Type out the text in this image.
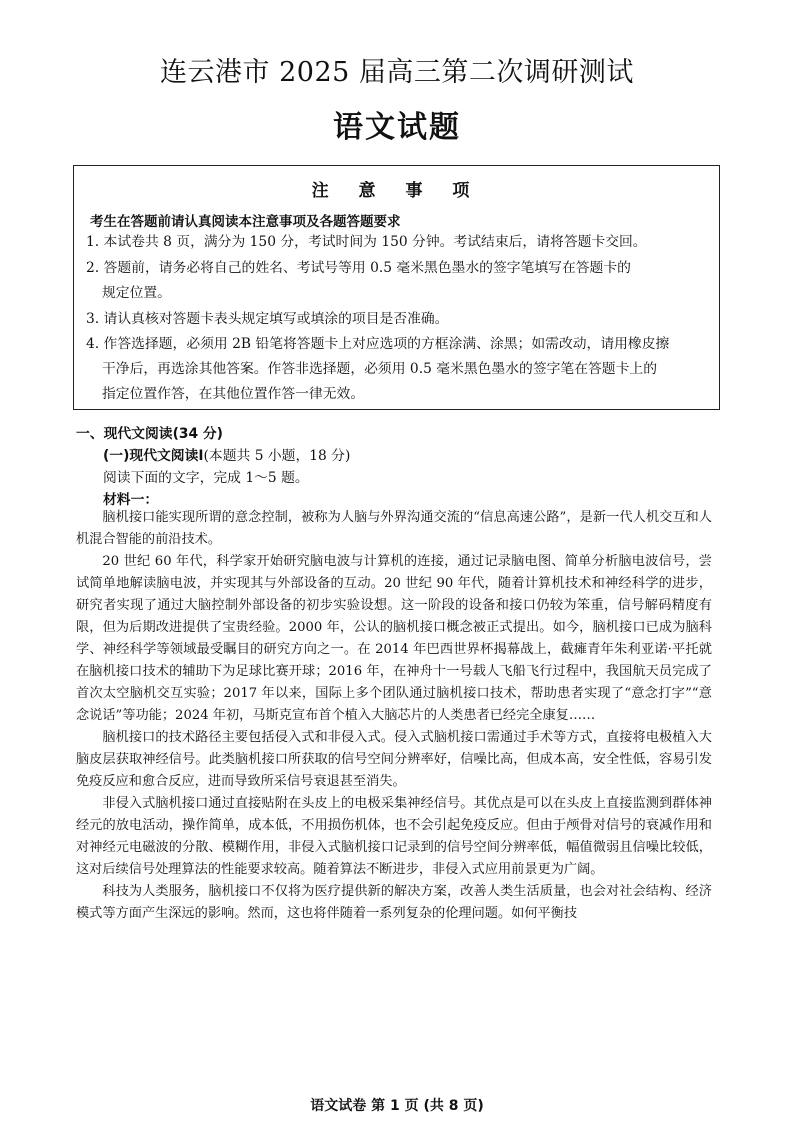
连云港市 2025 届高三第二次调研测试
语文试题
注 意 事 项
考生在答题前请认真阅读本注意事项及各题答题要求
1. 本试卷共 8 页，满分为 150 分，考试时间为 150 分钟。考试结束后，请将答题卡交回。
2. 答题前，请务必将自己的姓名、考试号等用 0.5 毫米黑色墨水的签字笔填写在答题卡的
规定位置。
3. 请认真核对答题卡表头规定填写或填涂的项目是否准确。
4. 作答选择题，必须用 2B 铅笔将答题卡上对应选项的方框涂满、涂黑；如需改动，请用橡皮擦
干净后，再选涂其他答案。作答非选择题，必须用 0.5 毫米黑色墨水的签字笔在答题卡上的
指定位置作答，在其他位置作答一律无效。
一、现代文阅读(34 分)
(一)现代文阅读Ⅰ(本题共 5 小题，18 分)
阅读下面的文字，完成 1～5 题。
材料一：

脑机接口能实现所谓的意念控制，被称为人脑与外界沟通交流的“信息高速公路”，是新一代人机交互和人机混合智能的前沿技术。

20 世纪 60 年代，科学家开始研究脑电波与计算机的连接，通过记录脑电图、简单分析脑电波信号，尝试简单地解读脑电波，并实现其与外部设备的互动。20 世纪 90 年代，随着计算机技术和神经科学的进步，研究者实现了通过大脑控制外部设备的初步实验设想。这一阶段的设备和接口仍较为笨重，信号解码精度有限，但为后期改进提供了宝贵经验。2000 年，公认的脑机接口概念被正式提出。如今，脑机接口已成为脑科学、神经科学等领域最受瞩目的研究方向之一。在 2014 年巴西世界杯揭幕战上，截瘫青年朱利亚诺·平托就在脑机接口技术的辅助下为足球比赛开球；2016 年，在神舟十一号载人飞船飞行过程中，我国航天员完成了首次太空脑机交互实验；2017 年以来，国际上多个团队通过脑机接口技术，帮助患者实现了“意念打字”“意念说话”等功能；2024 年初，马斯克宣布首个植入大脑芯片的人类患者已经完全康复……

脑机接口的技术路径主要包括侵入式和非侵入式。侵入式脑机接口需通过手术等方式，直接将电极植入大脑皮层获取神经信号。此类脑机接口所获取的信号空间分辨率好，信噪比高，但成本高，安全性低，容易引发免疫反应和愈合反应，进而导致所采信号衰退甚至消失。

非侵入式脑机接口通过直接贴附在头皮上的电极采集神经信号。其优点是可以在头皮上直接监测到群体神经元的放电活动，操作简单，成本低，不用损伤机体，也不会引起免疫反应。但由于颅骨对信号的衰减作用和对神经元电磁波的分散、模糊作用，非侵入式脑机接口记录到的信号空间分辨率低，幅值微弱且信噪比较低，这对后续信号处理算法的性能要求较高。随着算法不断进步，非侵入式应用前景更为广阔。

科技为人类服务，脑机接口不仅将为医疗提供新的解决方案，改善人类生活质量，也会对社会结构、经济模式等方面产生深远的影响。然而，这也将伴随着一系列复杂的伦理问题。如何平衡技

语文试卷 第 1 页 (共 8 页)
